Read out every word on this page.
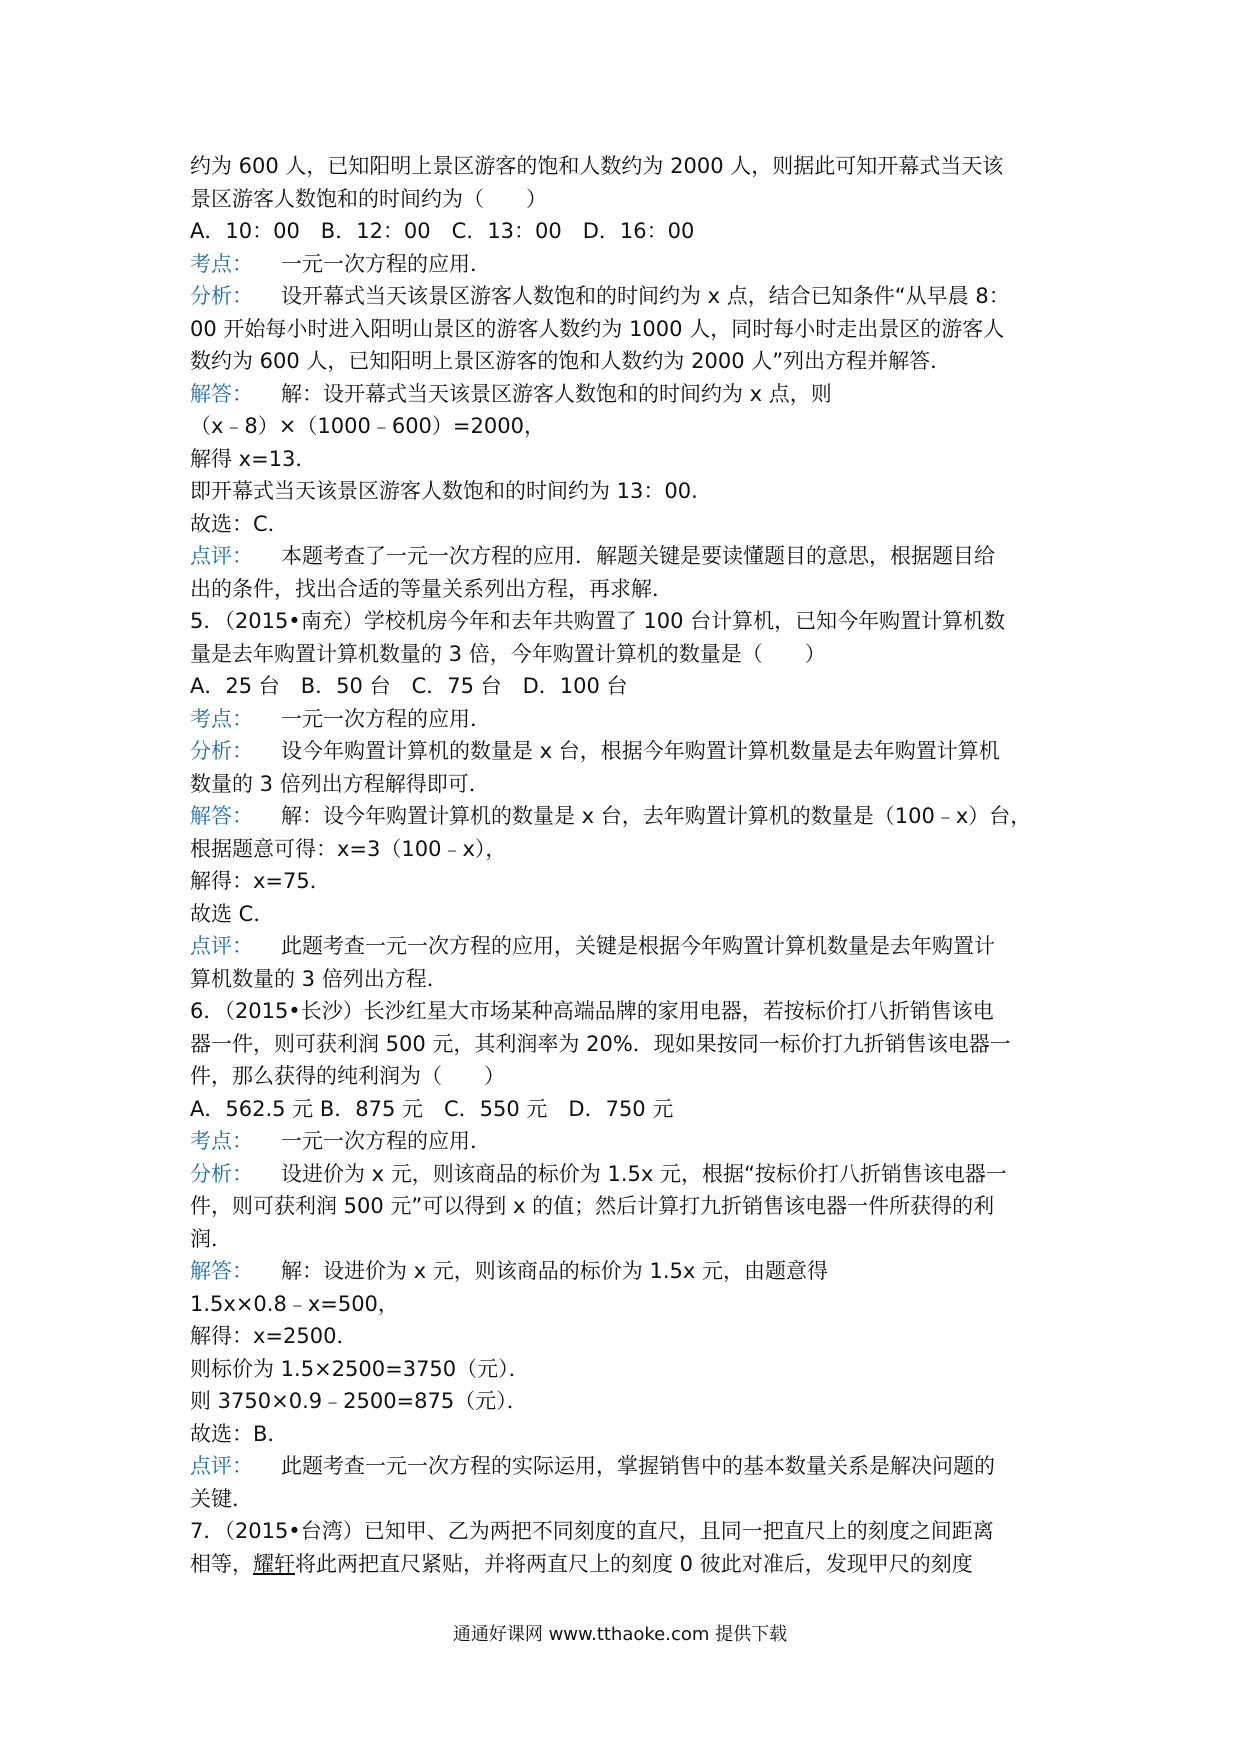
约为 600 人，已知阳明上景区游客的饱和人数约为 2000 人，则据此可知开幕式当天该
景区游客人数饱和的时间约为（　　）
A．10：00　B．12：00　C．13：00　D．16：00
考点： 一元一次方程的应用．
分析： 设开幕式当天该景区游客人数饱和的时间约为 x 点，结合已知条件“从早晨 8：
00 开始每小时进入阳明山景区的游客人数约为 1000 人，同时每小时走出景区的游客人
数约为 600 人，已知阳明上景区游客的饱和人数约为 2000 人”列出方程并解答．
解答： 解：设开幕式当天该景区游客人数饱和的时间约为 x 点，则
（x﹣8）×（1000﹣600）=2000，
解得 x=13．
即开幕式当天该景区游客人数饱和的时间约为 13：00.
故选：C．
点评： 本题考查了一元一次方程的应用．解题关键是要读懂题目的意思，根据题目给
出的条件，找出合适的等量关系列出方程，再求解．
5．（2015•南充）学校机房今年和去年共购置了 100 台计算机，已知今年购置计算机数
量是去年购置计算机数量的 3 倍，今年购置计算机的数量是（　　）
A．25 台　B．50 台　C．75 台　D．100 台
考点： 一元一次方程的应用．
分析： 设今年购置计算机的数量是 x 台，根据今年购置计算机数量是去年购置计算机
数量的 3 倍列出方程解得即可．
解答： 解：设今年购置计算机的数量是 x 台，去年购置计算机的数量是（100﹣x）台，
根据题意可得：x=3（100﹣x），
解得：x=75．
故选 C．
点评： 此题考查一元一次方程的应用，关键是根据今年购置计算机数量是去年购置计
算机数量的 3 倍列出方程．
6．（2015•长沙）长沙红星大市场某种高端品牌的家用电器，若按标价打八折销售该电
器一件，则可获利润 500 元，其利润率为 20%．现如果按同一标价打九折销售该电器一
件，那么获得的纯利润为（　　）
A．562.5 元 B．875 元　C．550 元　D．750 元
考点： 一元一次方程的应用．
分析： 设进价为 x 元，则该商品的标价为 1.5x 元，根据“按标价打八折销售该电器一
件，则可获利润 500 元”可以得到 x 的值；然后计算打九折销售该电器一件所获得的利
润．
解答： 解：设进价为 x 元，则该商品的标价为 1.5x 元，由题意得
1.5x×0.8﹣x=500，
解得：x=2500．
则标价为 1.5×2500=3750（元）．
则 3750×0.9﹣2500=875（元）．
故选：B．
点评： 此题考查一元一次方程的实际运用，掌握销售中的基本数量关系是解决问题的
关键．
7．（2015•台湾）已知甲、乙为两把不同刻度的直尺，且同一把直尺上的刻度之间距离
相等，耀轩将此两把直尺紧贴，并将两直尺上的刻度 0 彼此对准后，发现甲尺的刻度
通通好课网 www.tthaoke.com 提供下载
